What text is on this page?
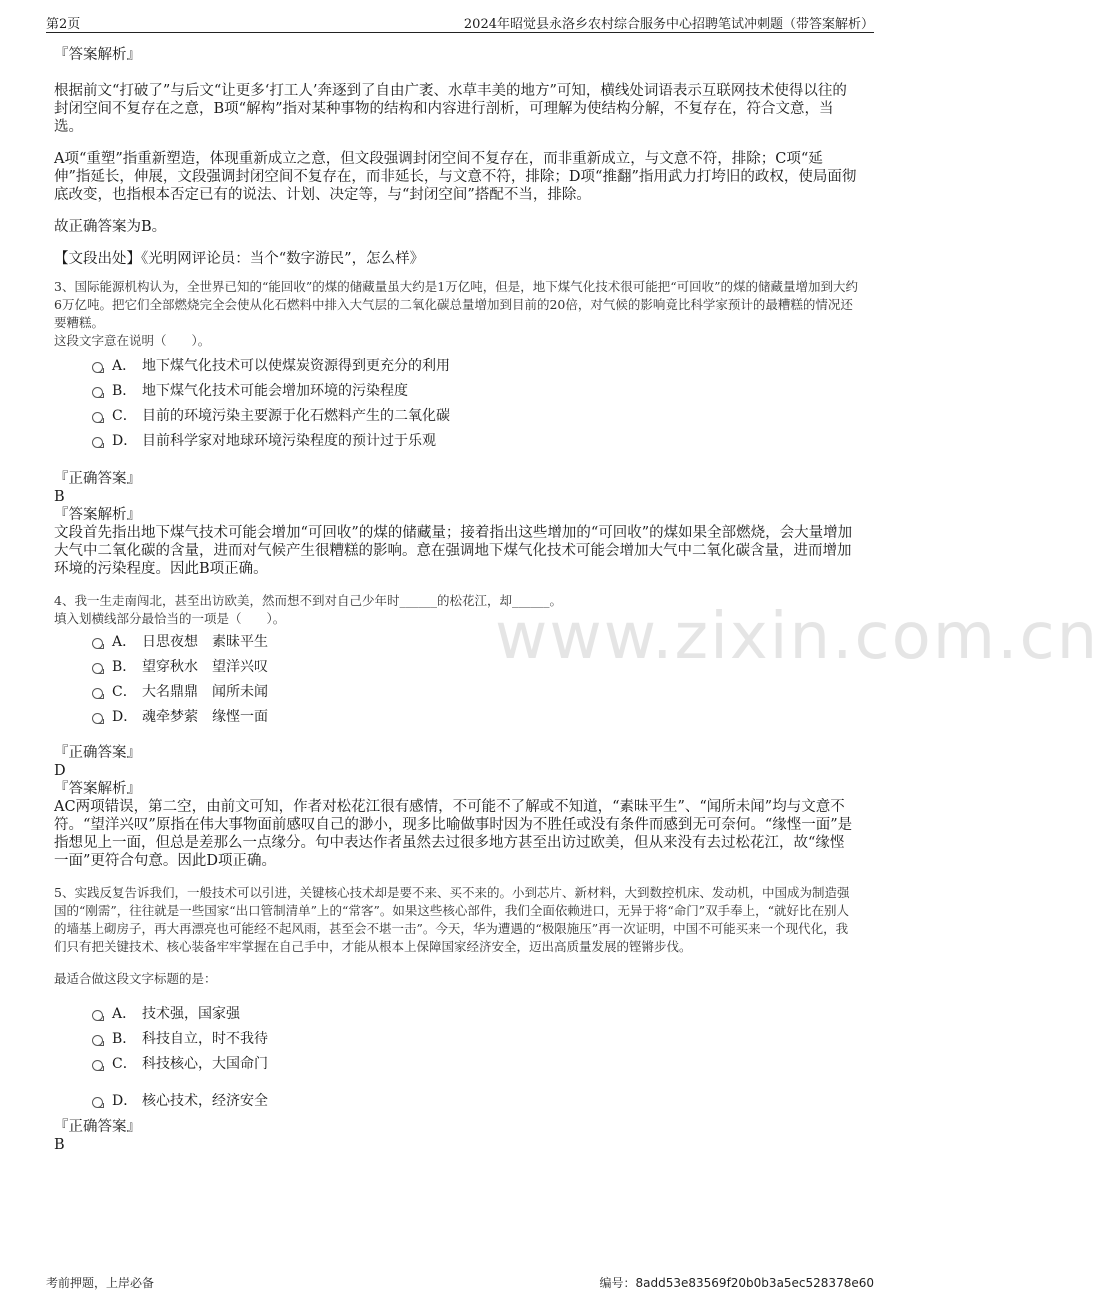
第2页	2024年昭觉县永洛乡农村综合服务中心招聘笔试冲刺题（带答案解析）
www.zixin.com.cn

『答案解析』

根据前文“打破了”与后文“让更多‘打工人’奔逐到了自由广袤、水草丰美的地方”可知，横线处词语表示互联网技术使得以往的封闭空间不复存在之意，B项“解构”指对某种事物的结构和内容进行剖析，可理解为使结构分解，不复存在，符合文意，当选。

A项“重塑”指重新塑造，体现重新成立之意，但文段强调封闭空间不复存在，而非重新成立，与文意不符，排除；C项“延伸”指延长，伸展，文段强调封闭空间不复存在，而非延长，与文意不符，排除；D项“推翻”指用武力打垮旧的政权，使局面彻底改变，也指根本否定已有的说法、计划、决定等，与“封闭空间”搭配不当，排除。

故正确答案为B。

【文段出处】《光明网评论员：当个“数字游民”，怎么样》

3、国际能源机构认为，全世界已知的“能回收”的煤的储藏量虽大约是1万亿吨，但是，地下煤气化技术很可能把“可回收”的煤的储藏量增加到大约6万亿吨。把它们全部燃烧完全会使从化石燃料中排入大气层的二氧化碳总量增加到目前的20倍，对气候的影响竟比科学家预计的最糟糕的情况还要糟糕。

这段文字意在说明（　　）。

A． 地下煤气化技术可以使煤炭资源得到更充分的利用
B． 地下煤气化技术可能会增加环境的污染程度
C． 目前的环境污染主要源于化石燃料产生的二氧化碳
D． 目前科学家对地球环境污染程度的预计过于乐观

『正确答案』

B

『答案解析』

文段首先指出地下煤气技术可能会增加“可回收”的煤的储藏量；接着指出这些增加的“可回收”的煤如果全部燃烧，会大量增加大气中二氧化碳的含量，进而对气候产生很糟糕的影响。意在强调地下煤气化技术可能会增加大气中二氧化碳含量，进而增加环境的污染程度。因此B项正确。

4、我一生走南闯北，甚至出访欧美，然而想不到对自己少年时______的松花江，却______。

填入划横线部分最恰当的一项是（　　）。

A． 日思夜想　素昧平生
B． 望穿秋水　望洋兴叹
C． 大名鼎鼎　闻所未闻
D． 魂牵梦萦　缘悭一面

『正确答案』

D

『答案解析』

AC两项错误，第二空，由前文可知，作者对松花江很有感情，不可能不了解或不知道，“素昧平生”、“闻所未闻”均与文意不符。“望洋兴叹”原指在伟大事物面前感叹自己的渺小，现多比喻做事时因为不胜任或没有条件而感到无可奈何。“缘悭一面”是指想见上一面，但总是差那么一点缘分。句中表达作者虽然去过很多地方甚至出访过欧美，但从来没有去过松花江，故“缘悭一面”更符合句意。因此D项正确。

5、实践反复告诉我们，一般技术可以引进，关键核心技术却是要不来、买不来的。小到芯片、新材料，大到数控机床、发动机，中国成为制造强国的“刚需”，往往就是一些国家“出口管制清单”上的“常客”。如果这些核心部件，我们全面依赖进口，无异于将“命门”双手奉上，“就好比在别人的墙基上砌房子，再大再漂亮也可能经不起风雨，甚至会不堪一击”。今天，华为遭遇的“极限施压”再一次证明，中国不可能买来一个现代化，我们只有把关键技术、核心装备牢牢掌握在自己手中，才能从根本上保障国家经济安全，迈出高质量发展的铿锵步伐。

最适合做这段文字标题的是：

A． 技术强，国家强
B． 科技自立，时不我待
C． 科技核心，大国命门
D． 核心技术，经济安全

『正确答案』

B

考前押题，上岸必备	编号：8add53e83569f20b0b3a5ec528378e60
